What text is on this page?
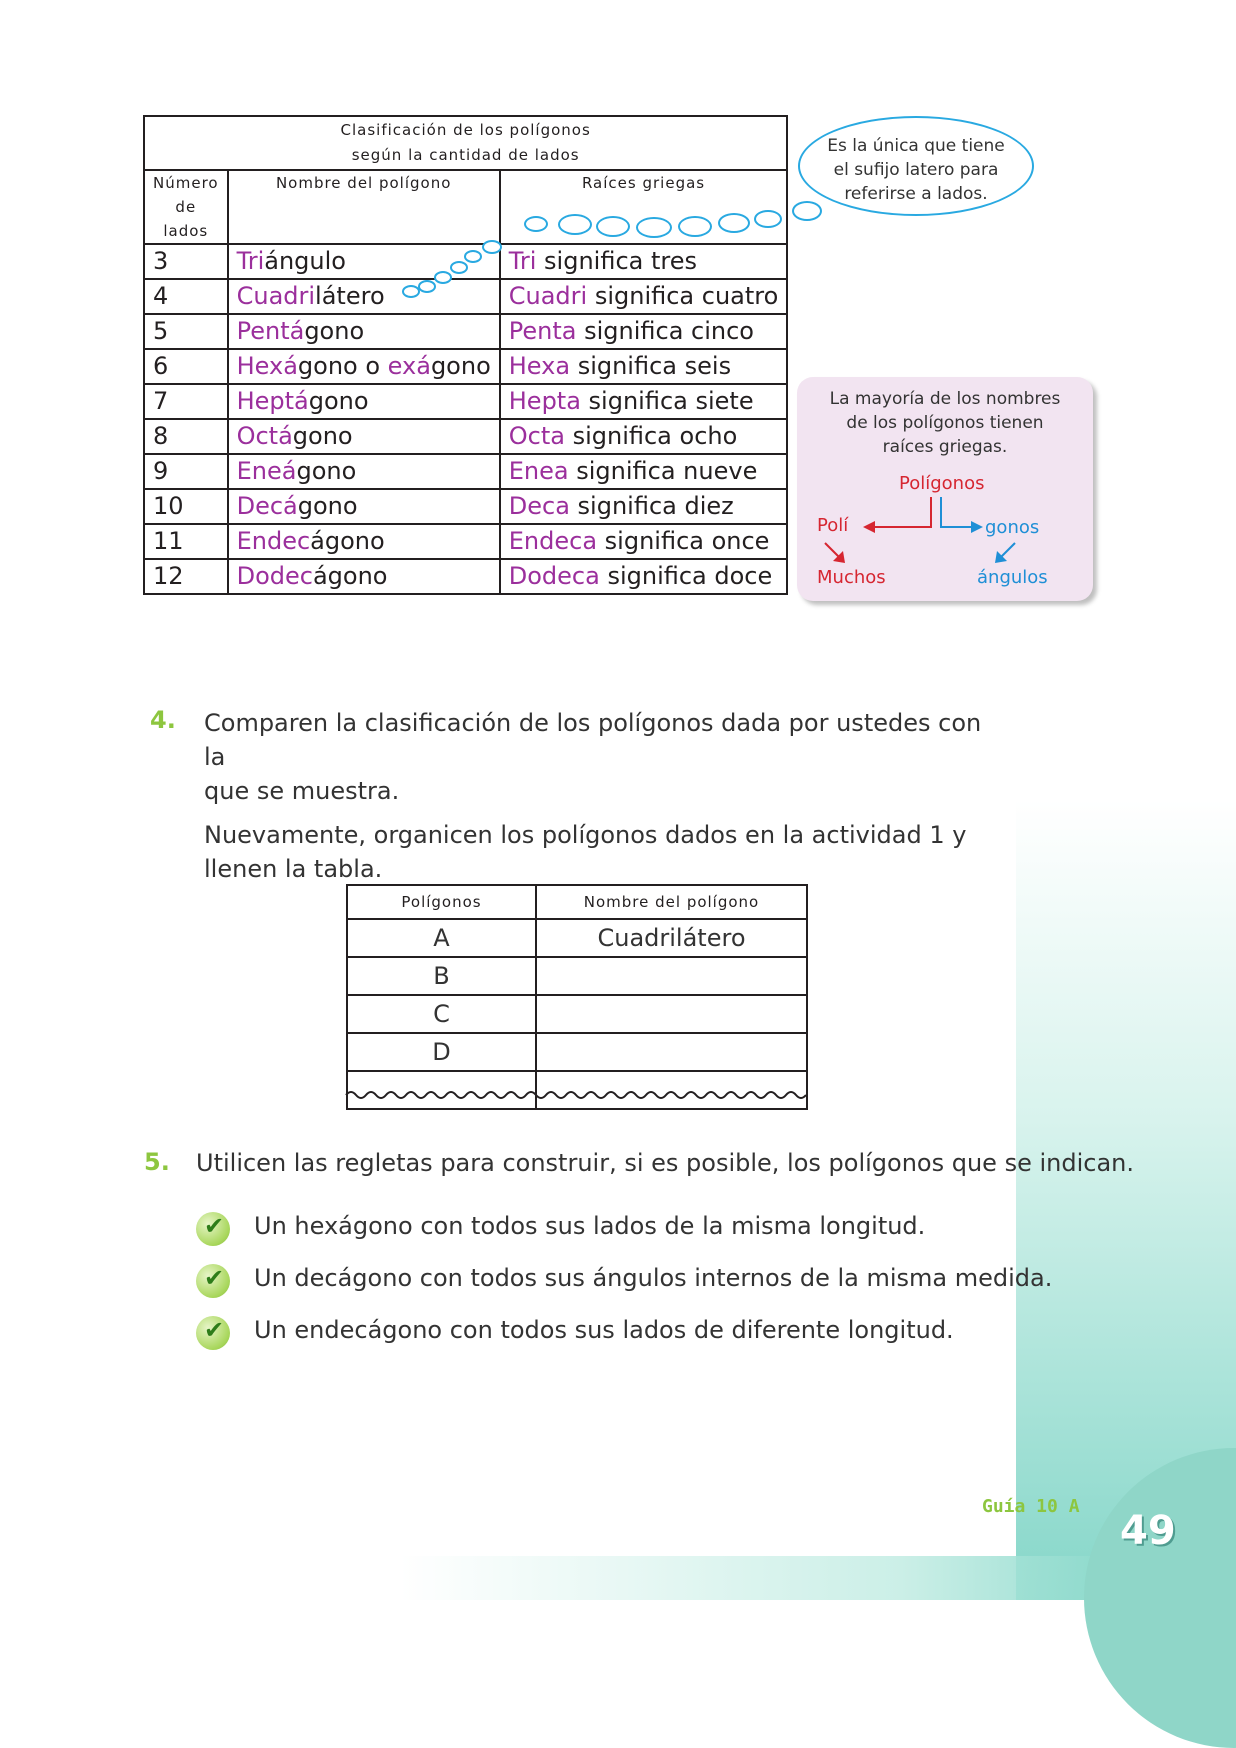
49
Guía 10 A
Clasificación de los polígonos
según la cantidad de lados		

Número
de lados	Nombre del polígono	Raíces griegas
3	Triángulo	Tri significa tres
4	Cuadrilátero	Cuadri significa cuatro
5	Pentágono	Penta significa cinco
6	Hexágono o exágono	Hexa significa seis
7	Heptágono	Hepta significa siete
8	Octágono	Octa significa ocho
9	Eneágono	Enea significa nueve
10	Decágono	Deca significa diez
11	Endecágono	Endeca significa once
12	Dodecágono	Dodeca significa doce
Es la única que tiene
el sufijo latero para
referirse a lados.
La mayoría de los nombres
de los polígonos tienen
raíces griegas.
Polígonos
Polí	gonos
Muchos	ángulos
4. Comparen la clasificación de los polígonos dada por ustedes con la
que se muestra.
Nuevamente, organicen los polígonos dados en la actividad 1 y
llenen la tabla.
Polígonos	Nombre del polígono
A	Cuadrilátero
B	
C	
D	

5. Utilicen las regletas para construir, si es posible, los polígonos que se indican.
✔ Un hexágono con todos sus lados de la misma longitud.
✔ Un decágono con todos sus ángulos internos de la misma medida.
✔ Un endecágono con todos sus lados de diferente longitud.
